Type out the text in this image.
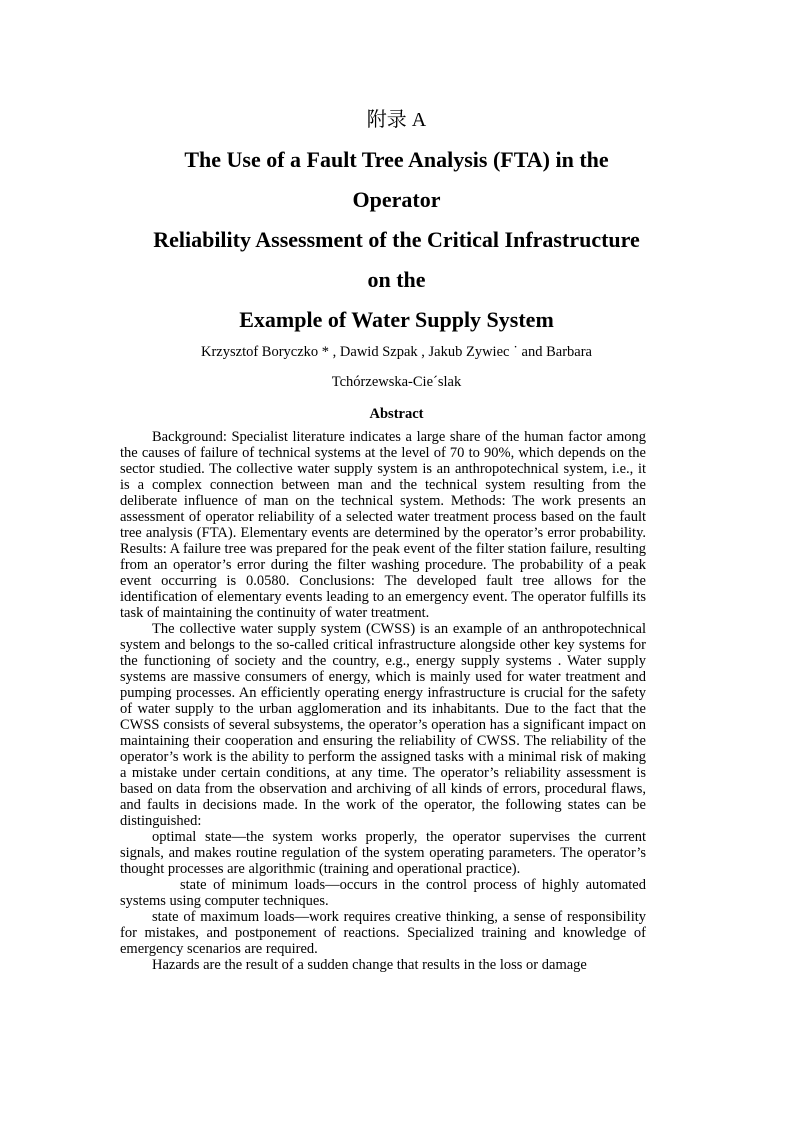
附录 A
The Use of a Fault Tree Analysis (FTA) in the
Operator
Reliability Assessment of the Critical Infrastructure
on the
Example of Water Supply System
Krzysztof Boryczko * , Dawid Szpak , Jakub Zywiec ˙ and Barbara
Tchórzewska-Cie´slak
Abstract

Background: Specialist literature indicates a large share of the human factor among the causes of failure of technical systems at the level of 70 to 90%, which depends on the sector studied. The collective water supply system is an anthropotechnical system, i.e., it is a complex connection between man and the technical system resulting from the deliberate influence of man on the technical system. Methods: The work presents an assessment of operator reliability of a selected water treatment process based on the fault tree analysis (FTA). Elementary events are determined by the operator’s error probability. Results: A failure tree was prepared for the peak event of the filter station failure, resulting from an operator’s error during the filter washing procedure. The probability of a peak event occurring is 0.0580. Conclusions: The developed fault tree allows for the identification of elementary events leading to an emergency event. The operator fulfills its task of maintaining the continuity of water treatment.

The collective water supply system (CWSS) is an example of an anthropotechnical system and belongs to the so-called critical infrastructure alongside other key systems for the functioning of society and the country, e.g., energy supply systems . Water supply systems are massive consumers of energy, which is mainly used for water treatment and pumping processes. An efficiently operating energy infrastructure is crucial for the safety of water supply to the urban agglomeration and its inhabitants. Due to the fact that the CWSS consists of several subsystems, the operator’s operation has a significant impact on maintaining their cooperation and ensuring the reliability of CWSS. The reliability of the operator’s work is the ability to perform the assigned tasks with a minimal risk of making a mistake under certain conditions, at any time. The operator’s reliability assessment is based on data from the observation and archiving of all kinds of errors, procedural flaws, and faults in decisions made. In the work of the operator, the following states can be distinguished:

optimal state—the system works properly, the operator supervises the current signals, and makes routine regulation of the system operating parameters. The operator’s thought processes are algorithmic (training and operational practice).

state of minimum loads—occurs in the control process of highly automated systems using computer techniques.

state of maximum loads—work requires creative thinking, a sense of responsibility for mistakes, and postponement of reactions. Specialized training and knowledge of emergency scenarios are required.

Hazards are the result of a sudden change that results in the loss or damage
